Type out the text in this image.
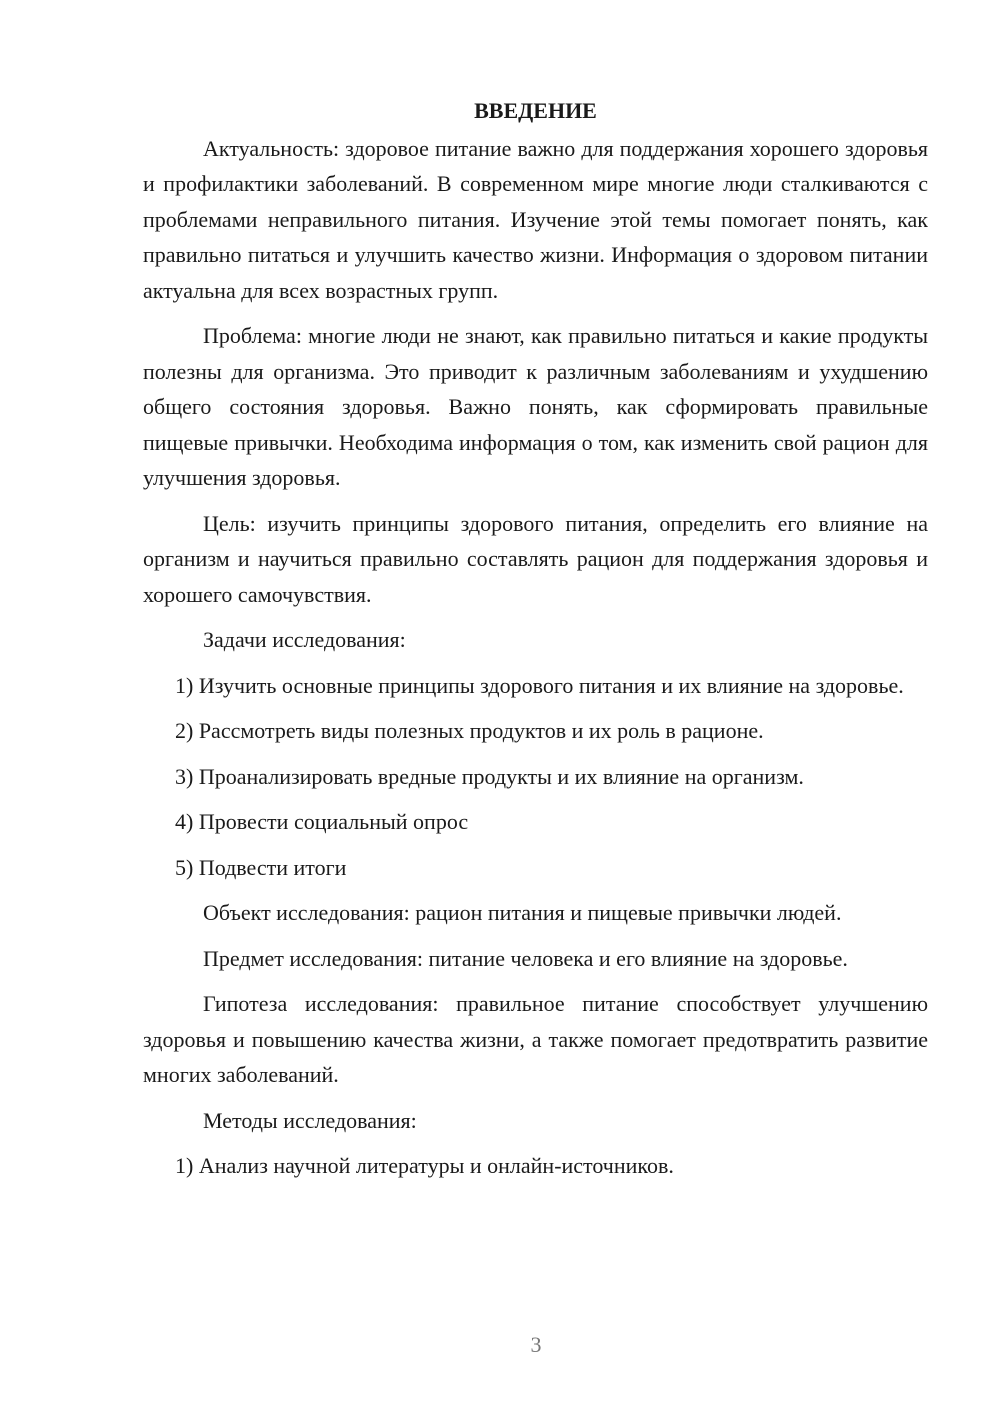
ВВЕДЕНИЕ

Актуальность: здоровое питание важно для поддержания хорошего здоровья и профилактики заболеваний. В современном мире многие люди сталкиваются с проблемами неправильного питания. Изучение этой темы помогает понять, как правильно питаться и улучшить качество жизни. Информация о здоровом питании актуальна для всех возрастных групп.

Проблема: многие люди не знают, как правильно питаться и какие продукты полезны для организма. Это приводит к различным заболеваниям и ухудшению общего состояния здоровья. Важно понять, как сформировать правильные пищевые привычки. Необходима информация о том, как изменить свой рацион для улучшения здоровья.

Цель: изучить принципы здорового питания, определить его влияние на организм и научиться правильно составлять рацион для поддержания здоровья и хорошего самочувствия.

Задачи исследования:

1) Изучить основные принципы здорового питания и их влияние на здоровье.

2) Рассмотреть виды полезных продуктов и их роль в рационе.

3) Проанализировать вредные продукты и их влияние на организм.

4) Провести социальный опрос

5) Подвести итоги

Объект исследования: рацион питания и пищевые привычки людей.

Предмет исследования: питание человека и его влияние на здоровье.

Гипотеза исследования: правильное питание способствует улучшению здоровья и повышению качества жизни, а также помогает предотвратить развитие многих заболеваний.

Методы исследования:

1) Анализ научной литературы и онлайн-источников.

3
